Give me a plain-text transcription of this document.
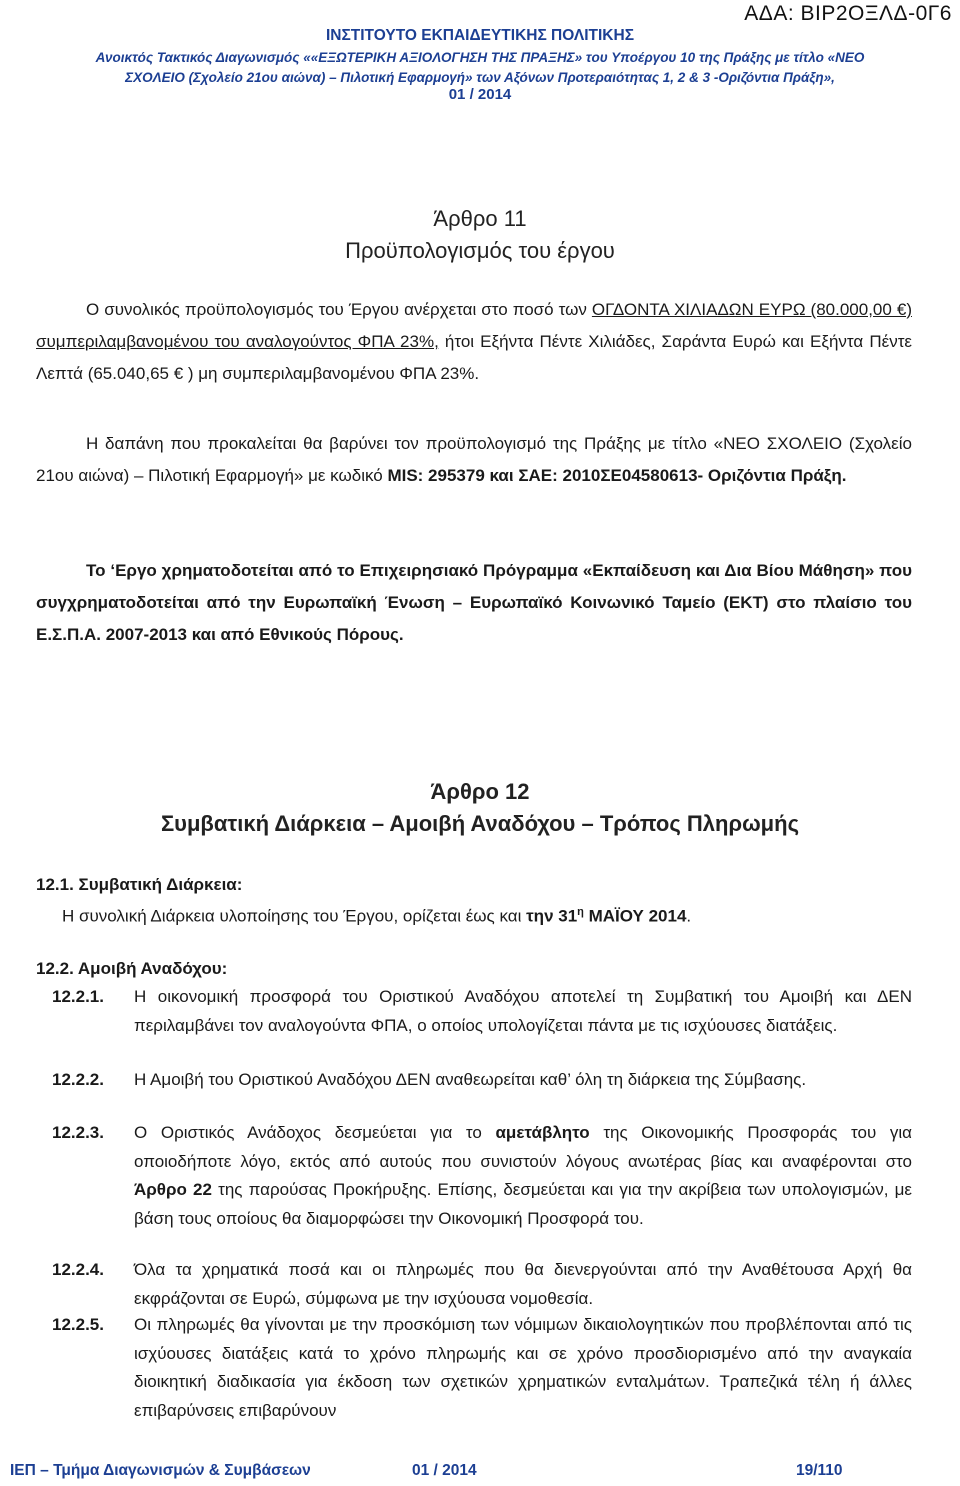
ΑΔΑ: ΒΙΡ2ΟΞΛΔ-0Γ6
ΙΝΣΤΙΤΟΥΤΟ ΕΚΠΑΙΔΕΥΤΙΚΗΣ ΠΟΛΙΤΙΚΗΣ
Ανοικτός Τακτικός Διαγωνισμός ««ΕΞΩΤΕΡΙΚΗ ΑΞΙΟΛΟΓΗΣΗ ΤΗΣ ΠΡΑΞΗΣ» του Υποέργου 10 της Πράξης με τίτλο «ΝΕΟ ΣΧΟΛΕΙΟ (Σχολείο 21ου αιώνα) – Πιλοτική Εφαρμογή» των Αξόνων Προτεραιότητας 1, 2 & 3 -Οριζόντια Πράξη»,
01 / 2014
Άρθρο 11
Προϋπολογισμός του έργου
Ο συνολικός προϋπολογισμός του Έργου ανέρχεται στο ποσό των ΟΓΔΟΝΤΑ ΧΙΛΙΑΔΩΝ ΕΥΡΩ (80.000,00 €) συμπεριλαμβανομένου του αναλογούντος ΦΠΑ 23%, ήτοι Εξήντα Πέντε Χιλιάδες, Σαράντα Ευρώ και Εξήντα Πέντε Λεπτά (65.040,65 € ) μη συμπεριλαμβανομένου ΦΠΑ 23%.
Η δαπάνη που προκαλείται θα βαρύνει τον προϋπολογισμό της Πράξης με τίτλο «ΝΕΟ ΣΧΟΛΕΙΟ (Σχολείο 21ου αιώνα) – Πιλοτική Εφαρμογή» με κωδικό MIS: 295379 και ΣΑΕ: 2010ΣΕ04580613- Οριζόντια Πράξη.
Το ‘Εργο χρηματοδοτείται από το Επιχειρησιακό Πρόγραμμα «Εκπαίδευση και Δια Βίου Μάθηση» που συγχρηματοδοτείται από την Ευρωπαϊκή Ένωση – Ευρωπαϊκό Κοινωνικό Ταμείο (ΕΚΤ) στο πλαίσιο του Ε.Σ.Π.Α. 2007-2013 και από Εθνικούς Πόρους.
Άρθρο 12
Συμβατική Διάρκεια – Αμοιβή Αναδόχου – Τρόπος Πληρωμής
12.1. Συμβατική Διάρκεια:
Η συνολική Διάρκεια υλοποίησης του Έργου, ορίζεται έως και την $31^\eta$ ΜΑΪΟΥ 2014.
12.2. Αμοιβή Αναδόχου:
12.2.1. Η οικονομική προσφορά του Οριστικού Αναδόχου αποτελεί τη Συμβατική του Αμοιβή και ΔΕΝ περιλαμβάνει τον αναλογούντα ΦΠΑ, ο οποίος υπολογίζεται πάντα με τις ισχύουσες διατάξεις.
12.2.2. Η Αμοιβή του Οριστικού Αναδόχου ΔΕΝ αναθεωρείται καθ’ όλη τη διάρκεια της Σύμβασης.
12.2.3. Ο Οριστικός Ανάδοχος δεσμεύεται για το αμετάβλητο της Οικονομικής Προσφοράς του για οποιοδήποτε λόγο, εκτός από αυτούς που συνιστούν λόγους ανωτέρας βίας και αναφέρονται στο Άρθρο 22 της παρούσας Προκήρυξης. Επίσης, δεσμεύεται και για την ακρίβεια των υπολογισμών, με βάση τους οποίους θα διαμορφώσει την Οικονομική Προσφορά του.
12.2.4. Όλα τα χρηματικά ποσά και οι πληρωμές που θα διενεργούνται από την Αναθέτουσα Αρχή θα εκφράζονται σε Ευρώ, σύμφωνα με την ισχύουσα νομοθεσία.
12.2.5. Οι πληρωμές θα γίνονται με την προσκόμιση των νόμιμων δικαιολογητικών που προβλέπονται από τις ισχύουσες διατάξεις κατά το χρόνο πληρωμής και σε χρόνο προσδιορισμένο από την αναγκαία διοικητική διαδικασία για έκδοση των σχετικών χρηματικών ενταλμάτων. Τραπεζικά τέλη ή άλλες επιβαρύνσεις επιβαρύνουν
ΙΕΠ – Τμήμα Διαγωνισμών & Συμβάσεων	01 / 2014	19/110
